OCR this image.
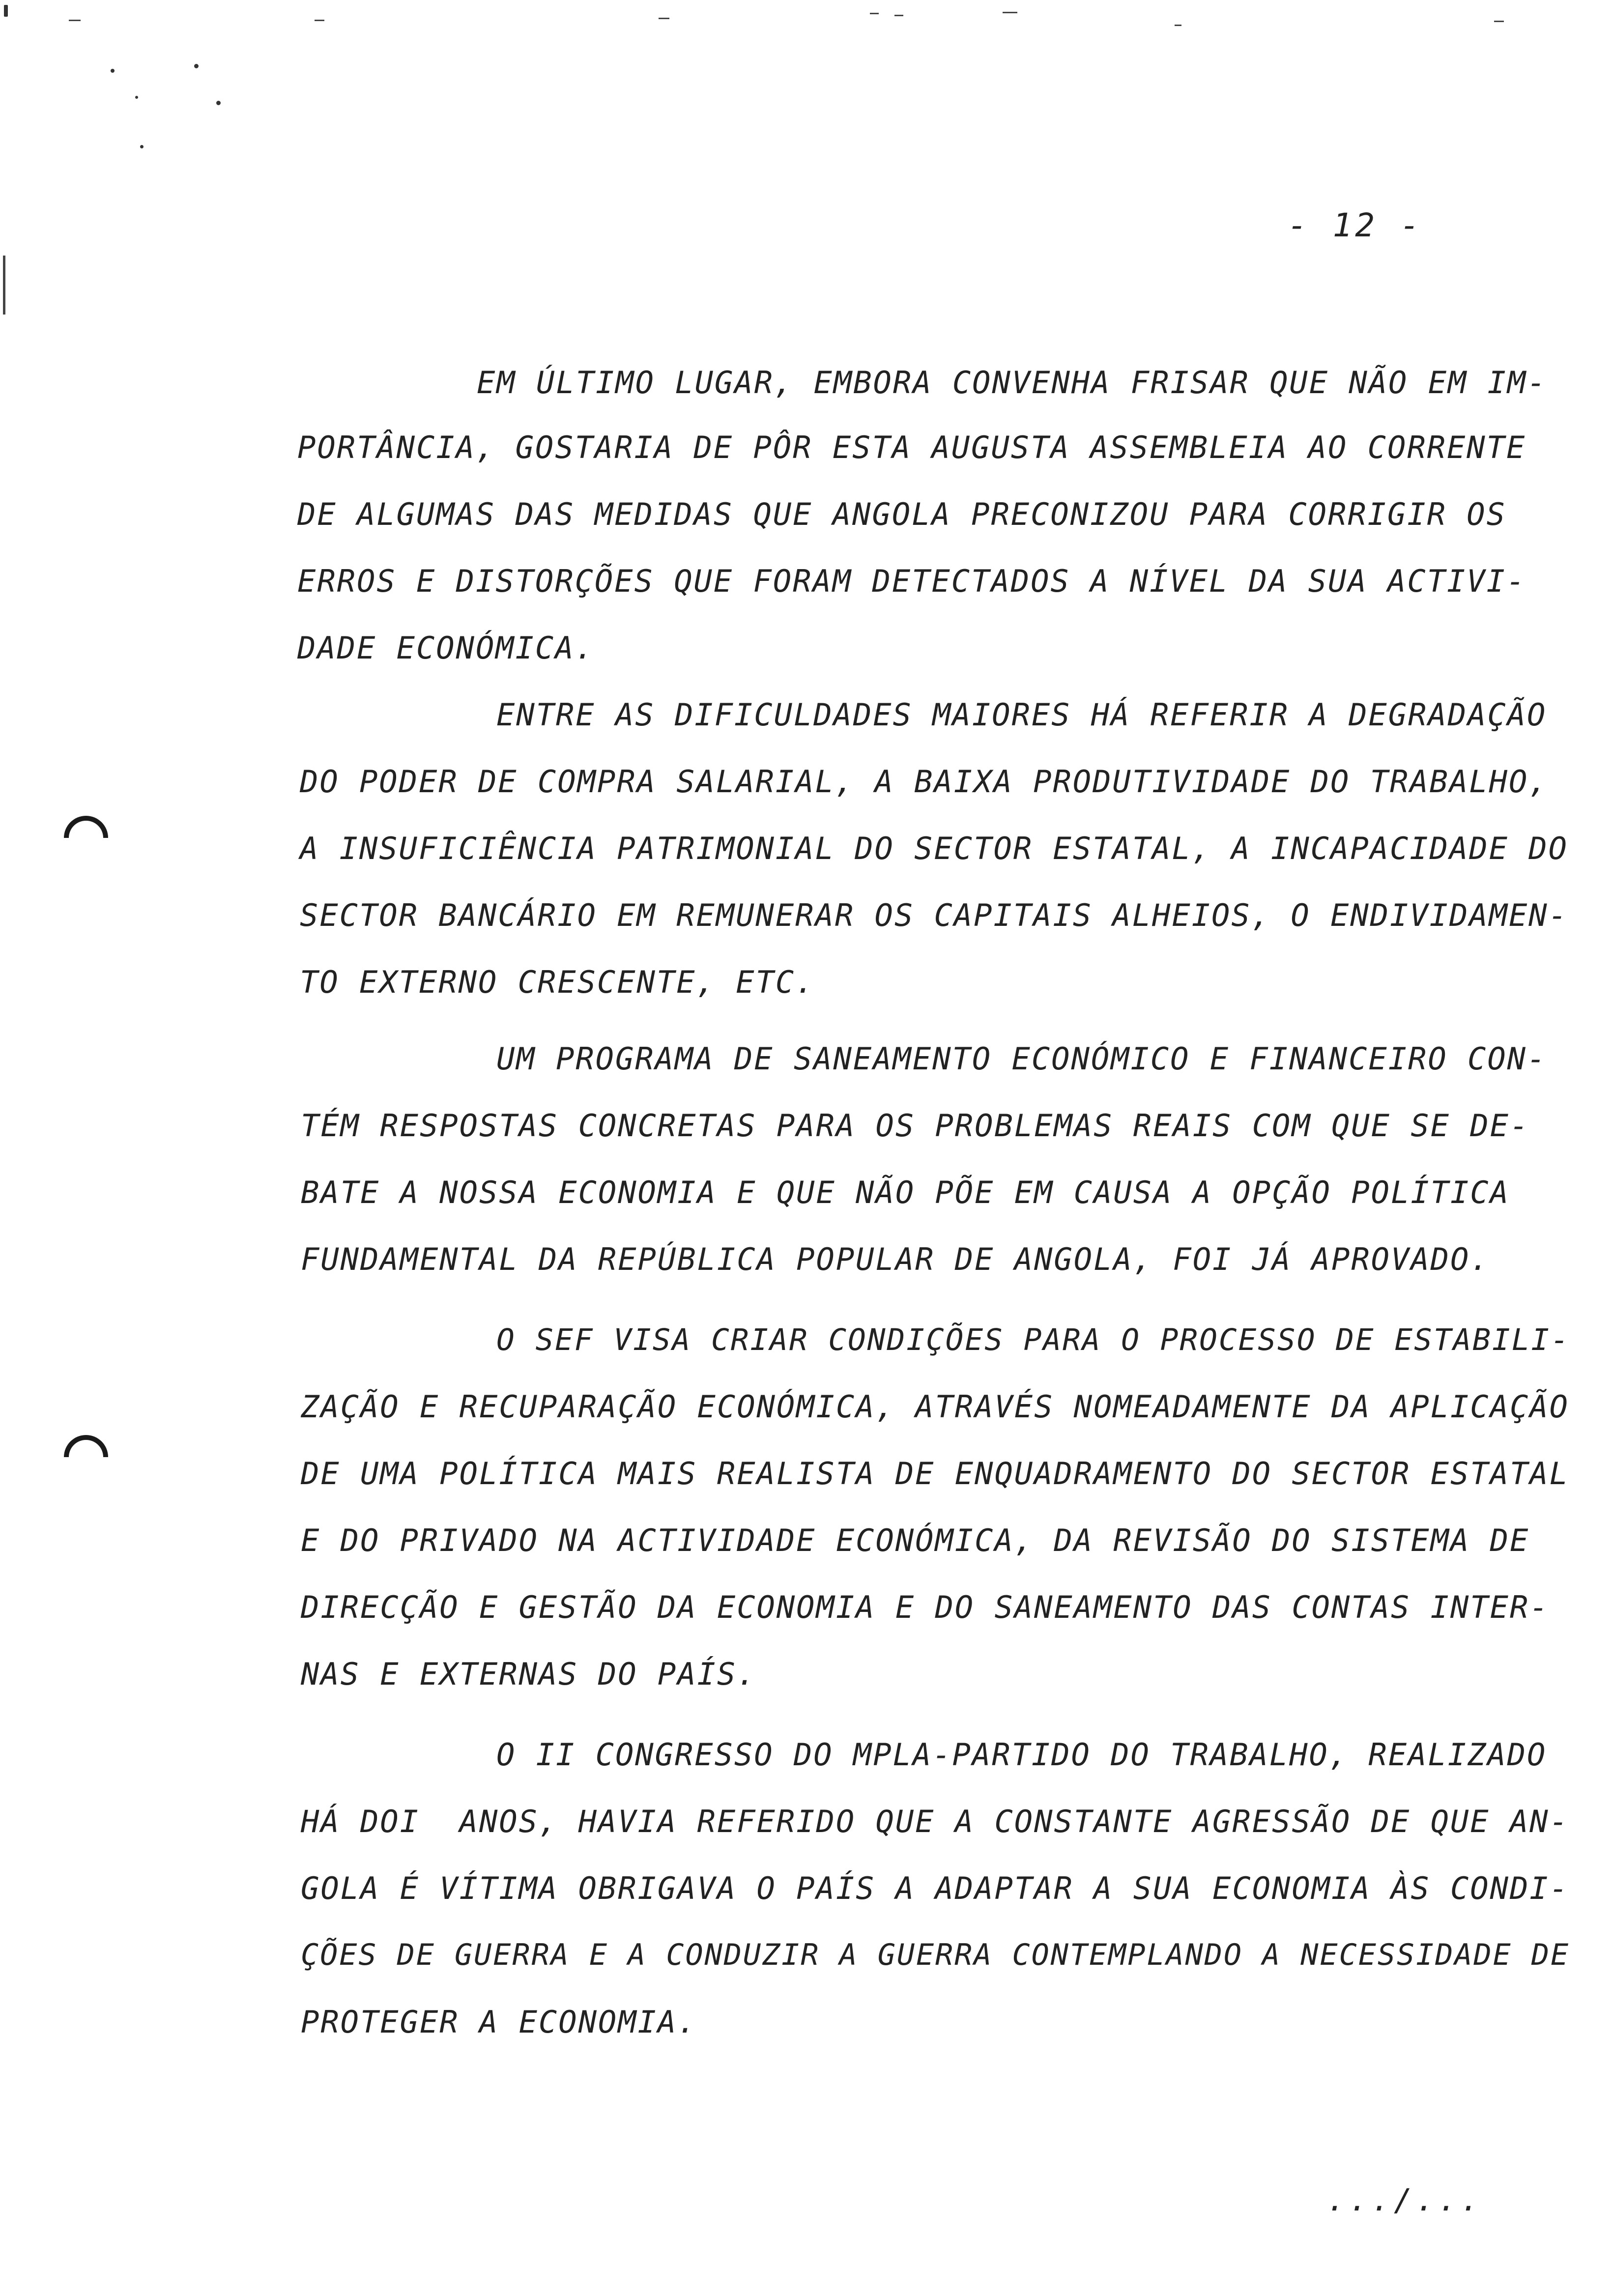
- 12 -
EM ÚLTIMO LUGAR, EMBORA CONVENHA FRISAR QUE NÃO EM IM-
PORTÂNCIA, GOSTARIA DE PÔR ESTA AUGUSTA ASSEMBLEIA AO CORRENTE
DE ALGUMAS DAS MEDIDAS QUE ANGOLA PRECONIZOU PARA CORRIGIR OS
ERROS E DISTORÇÕES QUE FORAM DETECTADOS A NÍVEL DA SUA ACTIVI-
DADE ECONÓMICA.
ENTRE AS DIFICULDADES MAIORES HÁ REFERIR A DEGRADAÇÃO
DO PODER DE COMPRA SALARIAL, A BAIXA PRODUTIVIDADE DO TRABALHO,
A INSUFICIÊNCIA PATRIMONIAL DO SECTOR ESTATAL, A INCAPACIDADE DO
SECTOR BANCÁRIO EM REMUNERAR OS CAPITAIS ALHEIOS, O ENDIVIDAMEN-
TO EXTERNO CRESCENTE, ETC.
UM PROGRAMA DE SANEAMENTO ECONÓMICO E FINANCEIRO CON-
TÉM RESPOSTAS CONCRETAS PARA OS PROBLEMAS REAIS COM QUE SE DE-
BATE A NOSSA ECONOMIA E QUE NÃO PÕE EM CAUSA A OPÇÃO POLÍTICA
FUNDAMENTAL DA REPÚBLICA POPULAR DE ANGOLA, FOI JÁ APROVADO.
O SEF VISA CRIAR CONDIÇÕES PARA O PROCESSO DE ESTABILI-
ZAÇÃO E RECUPARAÇÃO ECONÓMICA, ATRAVÉS NOMEADAMENTE DA APLICAÇÃO
DE UMA POLÍTICA MAIS REALISTA DE ENQUADRAMENTO DO SECTOR ESTATAL
E DO PRIVADO NA ACTIVIDADE ECONÓMICA, DA REVISÃO DO SISTEMA DE
DIRECÇÃO E GESTÃO DA ECONOMIA E DO SANEAMENTO DAS CONTAS INTER-
NAS E EXTERNAS DO PAÍS.
O II CONGRESSO DO MPLA-PARTIDO DO TRABALHO, REALIZADO
HÁ DOI  ANOS, HAVIA REFERIDO QUE A CONSTANTE AGRESSÃO DE QUE AN-
GOLA É VÍTIMA OBRIGAVA O PAÍS A ADAPTAR A SUA ECONOMIA ÀS CONDI-
ÇÕES DE GUERRA E A CONDUZIR A GUERRA CONTEMPLANDO A NECESSIDADE DE
PROTEGER A ECONOMIA.
.../...
